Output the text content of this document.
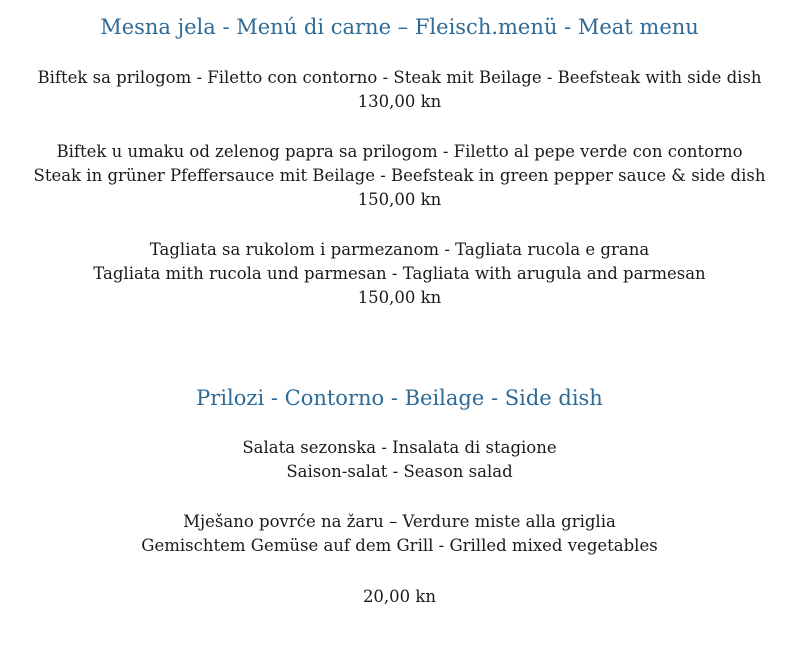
Mesna jela - Menú di carne – Fleisch.menü - Meat menu

Biftek sa prilogom - Filetto con contorno - Steak mit Beilage - Beefsteak with side dish

130,00 kn

Biftek u umaku od zelenog papra sa prilogom - Filetto al pepe verde con contorno

Steak in grüner Pfeffersauce mit Beilage - Beefsteak in green pepper sauce & side dish

150,00 kn

Tagliata sa rukolom i parmezanom - Tagliata rucola e grana

Tagliata mith rucola und parmesan - Tagliata with arugula and parmesan

150,00 kn

Prilozi - Contorno - Beilage - Side dish

Salata sezonska - Insalata di stagione

Saison-salat - Season salad

Mješano povrće na žaru – Verdure miste alla griglia

Gemischtem Gemüse auf dem Grill - Grilled mixed vegetables

20,00 kn
